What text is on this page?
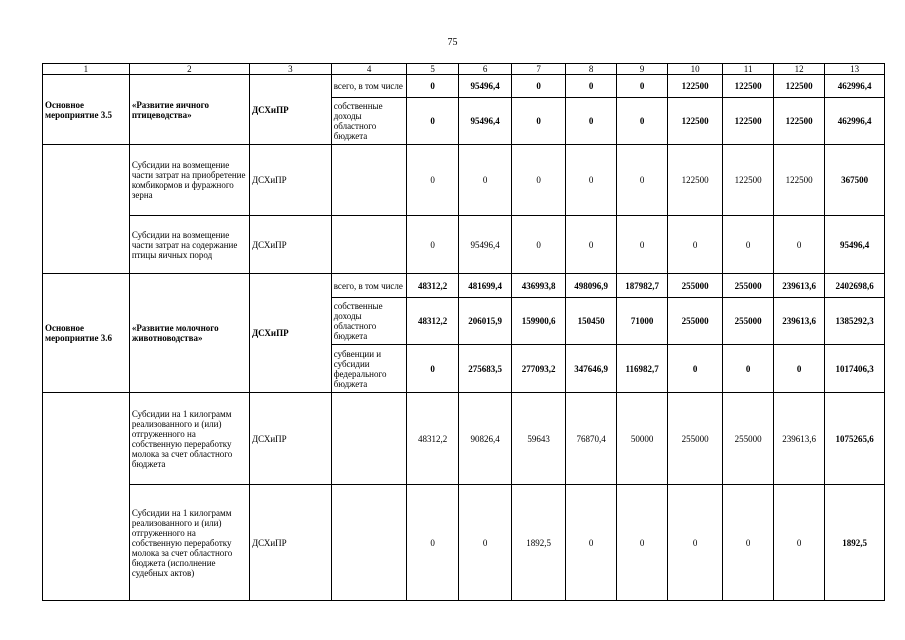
75
1	2	3	4	5	6	7	8	9	10	11	12	13
Основное мероприятие 3.5	«Развитие яичного птицеводства»	ДСХиПР	всего, в том числе	0	95496,4	0	0	0	122500	122500	122500	462996,4
			собственные доходы областного бюджета	0	95496,4	0	0	0	122500	122500	122500	462996,4
	Субсидии на возмещение части затрат на приобретение комбикормов и фуражного зерна	ДСХиПР		0	0	0	0	0	122500	122500	122500	367500
	Субсидии на возмещение части затрат на содержание птицы яичных пород	ДСХиПР		0	95496,4	0	0	0	0	0	0	95496,4
Основное мероприятие 3.6	«Развитие молочного животноводства»	ДСХиПР	всего, в том числе	48312,2	481699,4	436993,8	498096,9	187982,7	255000	255000	239613,6	2402698,6
			собственные доходы областного бюджета	48312,2	206015,9	159900,6	150450	71000	255000	255000	239613,6	1385292,3
			субвенции и субсидии федерального бюджета	0	275683,5	277093,2	347646,9	116982,7	0	0	0	1017406,3
	Субсидии на 1 килограмм реализованного и (или) отгруженного на собственную переработку молока за счет областного бюджета	ДСХиПР		48312,2	90826,4	59643	76870,4	50000	255000	255000	239613,6	1075265,6
	Субсидии на 1 килограмм реализованного и (или) отгруженного на собственную переработку молока за счет областного бюджета (исполнение судебных актов)	ДСХиПР		0	0	1892,5	0	0	0	0	0	1892,5
